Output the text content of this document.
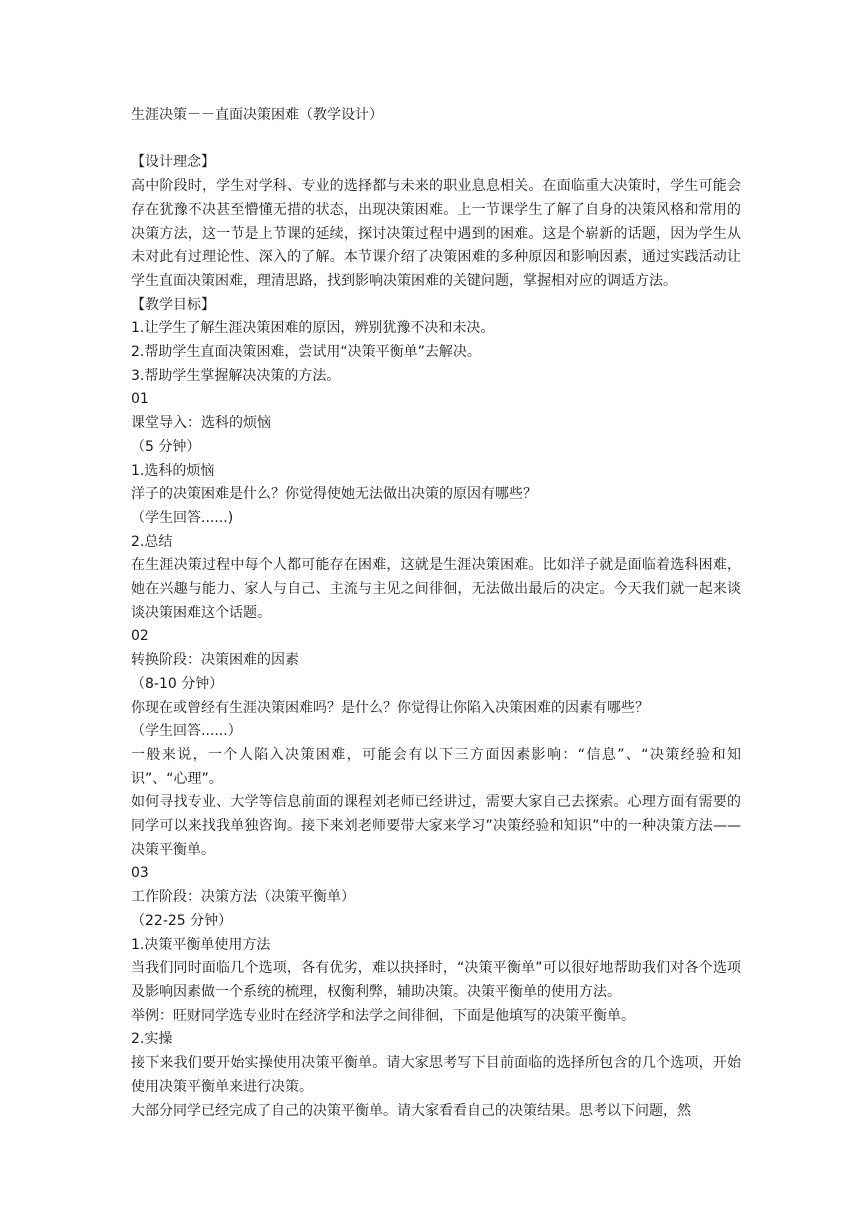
生涯决策－－直面决策困难（教学设计）

【设计理念】

高中阶段时，学生对学科、专业的选择都与未来的职业息息相关。在面临重大决策时，学生可能会存在犹豫不决甚至懵懂无措的状态，出现决策困难。上一节课学生了解了自身的决策风格和常用的决策方法，这一节是上节课的延续，探讨决策过程中遇到的困难。这是个崭新的话题，因为学生从未对此有过理论性、深入的了解。本节课介绍了决策困难的多种原因和影响因素，通过实践活动让学生直面决策困难，理清思路，找到影响决策困难的关键问题，掌握相对应的调适方法。

【教学目标】

1.让学生了解生涯决策困难的原因，辨别犹豫不决和未决。

2.帮助学生直面决策困难，尝试用“决策平衡单”去解决。

3.帮助学生掌握解决决策的方法。

01

课堂导入：选科的烦恼

（5 分钟）

1.选科的烦恼

洋子的决策困难是什么？你觉得使她无法做出决策的原因有哪些？

（学生回答......)

2.总结

在生涯决策过程中每个人都可能存在困难，这就是生涯决策困难。比如洋子就是面临着选科困难，她在兴趣与能力、家人与自己、主流与主见之间徘徊，无法做出最后的决定。今天我们就一起来谈谈决策困难这个话题。

02

转换阶段：决策困难的因素

（8-10 分钟）

你现在或曾经有生涯决策困难吗？是什么？你觉得让你陷入决策困难的因素有哪些？

（学生回答......）

一般来说，一个人陷入决策困难，可能会有以下三方面因素影响：“信息”、“决策经验和知识”、“心理”。

如何寻找专业、大学等信息前面的课程刘老师已经讲过，需要大家自己去探索。心理方面有需要的同学可以来找我单独咨询。接下来刘老师要带大家来学习”决策经验和知识”中的一种决策方法——决策平衡单。

03

工作阶段：决策方法（决策平衡单）

（22-25 分钟）

1.决策平衡单使用方法

当我们同时面临几个选项，各有优劣，难以抉择时，“决策平衡单”可以很好地帮助我们对各个选项及影响因素做一个系统的梳理，权衡利弊，辅助决策。决策平衡单的使用方法。

举例：旺财同学选专业时在经济学和法学之间徘徊，下面是他填写的决策平衡单。

2.实操

接下来我们要开始实操使用决策平衡单。请大家思考写下目前面临的选择所包含的几个选项，开始使用决策平衡单来进行决策。

大部分同学已经完成了自己的决策平衡单。请大家看看自己的决策结果。思考以下问题，然
